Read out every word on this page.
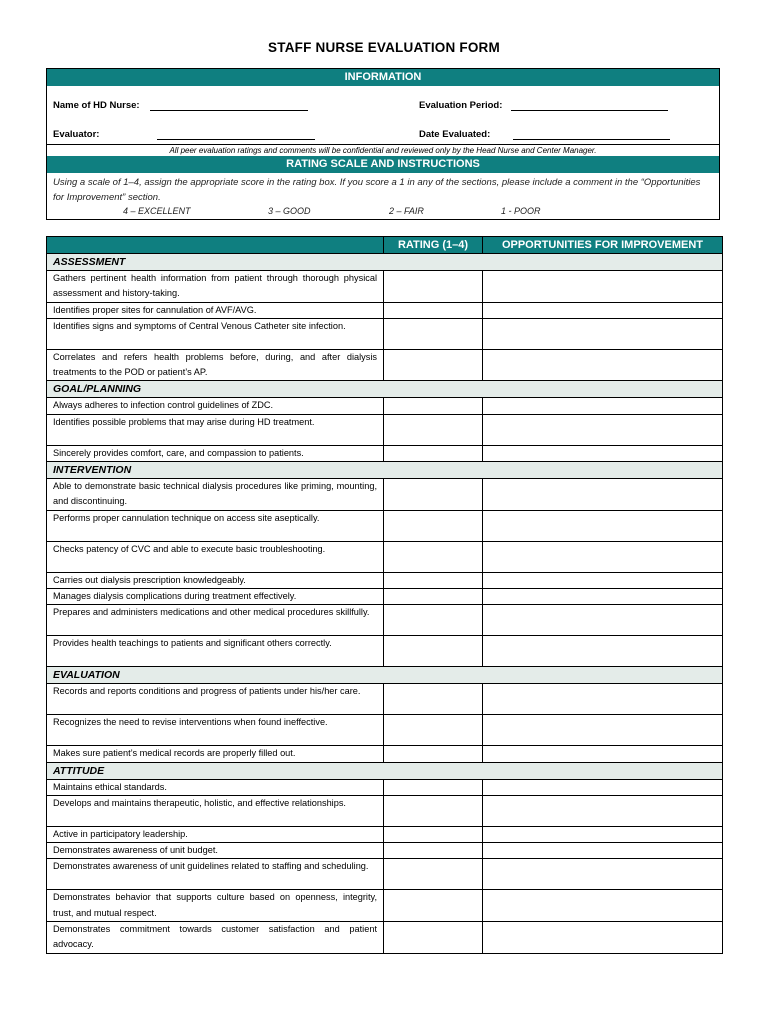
STAFF NURSE EVALUATION FORM
INFORMATION
Name of HD Nurse:	Evaluation Period:
Evaluator:	Date Evaluated:
All peer evaluation ratings and comments will be confidential and reviewed only by the Head Nurse and Center Manager.
RATING SCALE AND INSTRUCTIONS
Using a scale of 1–4, assign the appropriate score in the rating box. If you score a 1 in any of the sections, please include a comment in the “Opportunities for Improvement” section.
4 – EXCELLENT	3 – GOOD	2 – FAIR	1 - POOR
	RATING (1–4)	OPPORTUNITIES FOR IMPROVEMENT
ASSESSMENT		
Gathers pertinent health information from patient through thorough physical assessment and history-taking.		
Identifies proper sites for cannulation of AVF/AVG.		
Identifies signs and symptoms of Central Venous Catheter site infection.		
Correlates and refers health problems before, during, and after dialysis treatments to the POD or patient’s AP.		
GOAL/PLANNING		
Always adheres to infection control guidelines of ZDC.		
Identifies possible problems that may arise during HD treatment.		
Sincerely provides comfort, care, and compassion to patients.		
INTERVENTION		
Able to demonstrate basic technical dialysis procedures like priming, mounting, and discontinuing.		
Performs proper cannulation technique on access site aseptically.		
Checks patency of CVC and able to execute basic troubleshooting.		
Carries out dialysis prescription knowledgeably.		
Manages dialysis complications during treatment effectively.		
Prepares and administers medications and other medical procedures skillfully.		
Provides health teachings to patients and significant others correctly.		
EVALUATION		
Records and reports conditions and progress of patients under his/her care.		
Recognizes the need to revise interventions when found ineffective.		
Makes sure patient’s medical records are properly filled out.		
ATTITUDE		
Maintains ethical standards.		
Develops and maintains therapeutic, holistic, and effective relationships.		
Active in participatory leadership.		
Demonstrates awareness of unit budget.		
Demonstrates awareness of unit guidelines related to staffing and scheduling.		
Demonstrates behavior that supports culture based on openness, integrity, trust, and mutual respect.		
Demonstrates commitment towards customer satisfaction and patient advocacy.		
